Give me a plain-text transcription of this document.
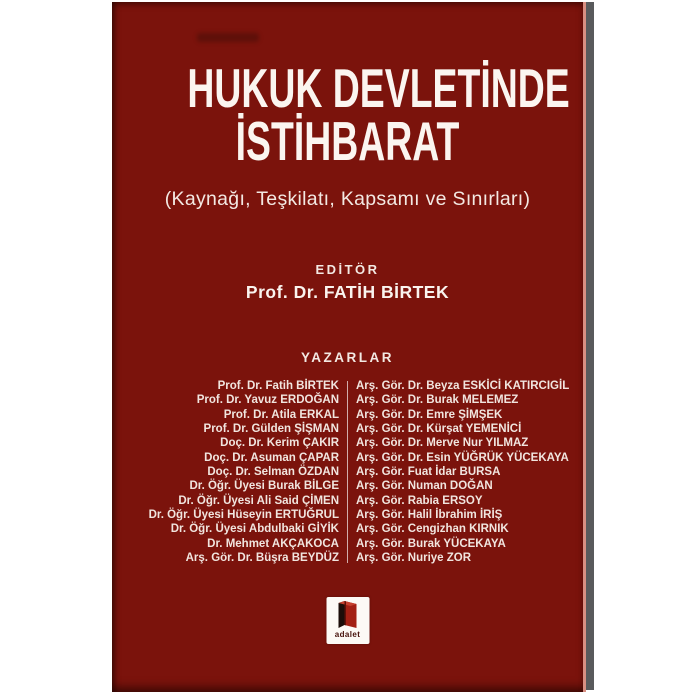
HUKUK DEVLETİNDE
İSTİHBARAT
(Kaynağı, Teşkilatı, Kapsamı ve Sınırları)
EDİTÖR
Prof. Dr. FATİH BİRTEK
YAZARLAR
Prof. Dr. Fatih BİRTEK
Prof. Dr. Yavuz ERDOĞAN
Prof. Dr. Atila ERKAL
Prof. Dr. Gülden ŞİŞMAN
Doç. Dr. Kerim ÇAKIR
Doç. Dr. Asuman ÇAPAR
Doç. Dr. Selman ÖZDAN
Dr. Öğr. Üyesi Burak BİLGE
Dr. Öğr. Üyesi Ali Said ÇİMEN
Dr. Öğr. Üyesi Hüseyin ERTUĞRUL
Dr. Öğr. Üyesi Abdulbaki GİYİK
Dr. Mehmet AKÇAKOCA
Arş. Gör. Dr. Büşra BEYDÜZ
Arş. Gör. Dr. Beyza ESKİCİ KATIRCIGİL
Arş. Gör. Dr. Burak MELEMEZ
Arş. Gör. Dr. Emre ŞİMŞEK
Arş. Gör. Dr. Kürşat YEMENİCİ
Arş. Gör. Dr. Merve Nur YILMAZ
Arş. Gör. Dr. Esin YÜĞRÜK YÜCEKAYA
Arş. Gör. Fuat İdar BURSA
Arş. Gör. Numan DOĞAN
Arş. Gör. Rabia ERSOY
Arş. Gör. Halil İbrahim İRİŞ
Arş. Gör. Cengizhan KIRNIK
Arş. Gör. Burak YÜCEKAYA
Arş. Gör. Nuriye ZOR
adalet
